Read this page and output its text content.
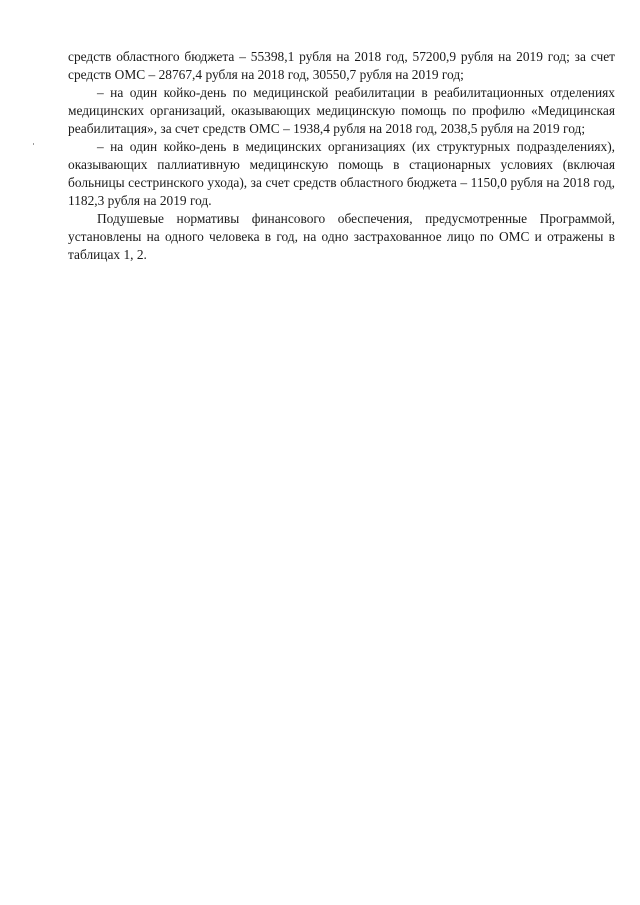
средств областного бюджета – 55398,1 рубля на 2018 год, 57200,9 рубля на 2019 год; за счет средств ОМС – 28767,4 рубля на 2018 год, 30550,7 рубля на 2019 год;

– на один койко-день по медицинской реабилитации в реабилитационных отделениях медицинских организаций, оказывающих медицинскую помощь по профилю «Медицинская реабилитация», за счет средств ОМС – 1938,4 рубля на 2018 год, 2038,5 рубля на 2019 год;

– на один койко-день в медицинских организациях (их структурных подразделениях), оказывающих паллиативную медицинскую помощь в стационарных условиях (включая больницы сестринского ухода), за счет средств областного бюджета – 1150,0 рубля на 2018 год, 1182,3 рубля на 2019 год.

Подушевые нормативы финансового обеспечения, предусмотренные Программой, установлены на одного человека в год, на одно застрахованное лицо по ОМС и отражены в таблицах 1, 2.
